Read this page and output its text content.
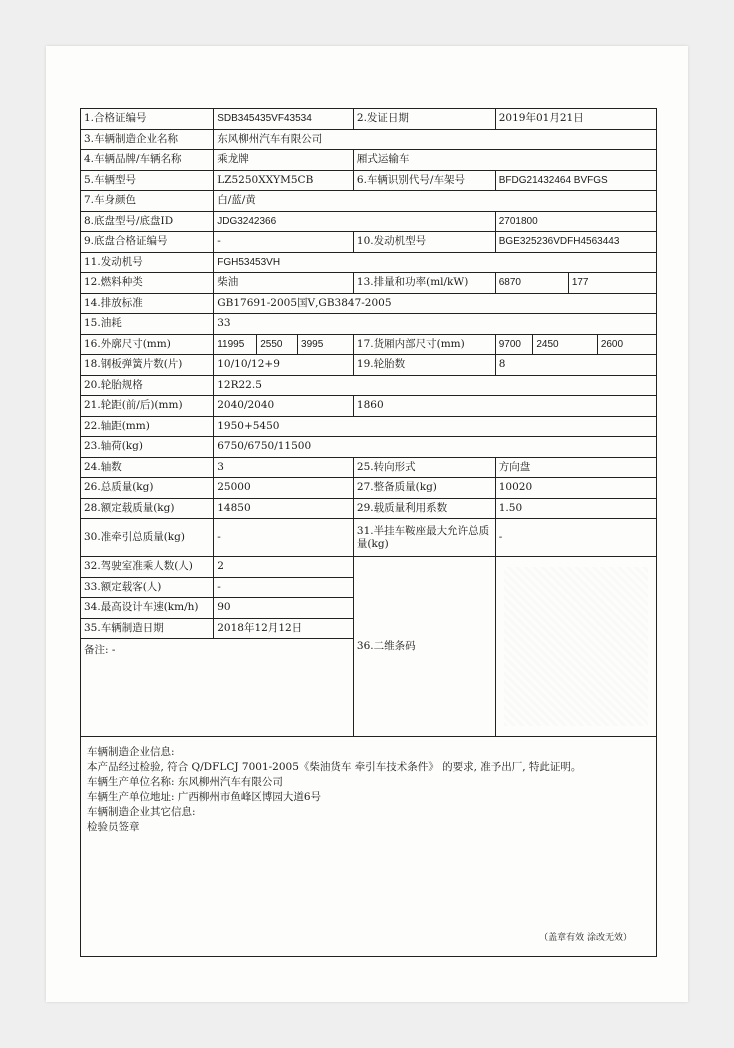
1.合格证编号	SDB345435VF43534			2.发证日期	2019年01月21日			
3.车辆制造企业名称	东风柳州汽车有限公司							
4.车辆品牌/车辆名称	乘龙牌			厢式运输车				
5.车辆型号	LZ5250XXYM5CB			6.车辆识别代号/车架号	BFDG21432464 BVFGS			
7.车身颜色	白/蓝/黄							
8.底盘型号/底盘ID	JDG3242366				2701800			
9.底盘合格证编号	-			10.发动机型号	BGE325236VDFH4563443			
11.发动机号	FGH53453VH							
12.燃料种类	柴油			13.排量和功率(ml/kW)	6870		177	
14.排放标准	GB17691-2005国Ⅴ,GB3847-2005							
15.油耗	33							
16.外廓尺寸(mm)	11995	2550	3995	17.货厢内部尺寸(mm)	9700	2450		2600
18.钢板弹簧片数(片)	10/10/12+9			19.轮胎数	8			
20.轮胎规格	12R22.5							
21.轮距(前/后)(mm)	2040/2040			1860				
22.轴距(mm)	1950+5450							
23.轴荷(kg)	6750/6750/11500							
24.轴数	3			25.转向形式	方向盘			
26.总质量(kg)	25000			27.整备质量(kg)	10020			
28.额定载质量(kg)	14850			29.载质量利用系数	1.50			
30.准牵引总质量(kg)	-			31.半挂车鞍座最大允许总质量(kg)	-			
32.驾驶室准乘人数(人)	2			36.二维条码				

33.额定载客(人)	-							
34.最高设计车速(km/h)	90							
35.车辆制造日期	2018年12月12日							
备注: -								
车辆制造企业信息:
本产品经过检验, 符合 Q/DFLCJ 7001-2005《柴油货车 牵引车技术条件》 的要求, 准予出厂, 特此证明。
车辆生产单位名称: 东风柳州汽车有限公司
车辆生产单位地址: 广西柳州市鱼峰区博园大道6号
车辆制造企业其它信息:
检验员签章
（盖章有效 涂改无效）
